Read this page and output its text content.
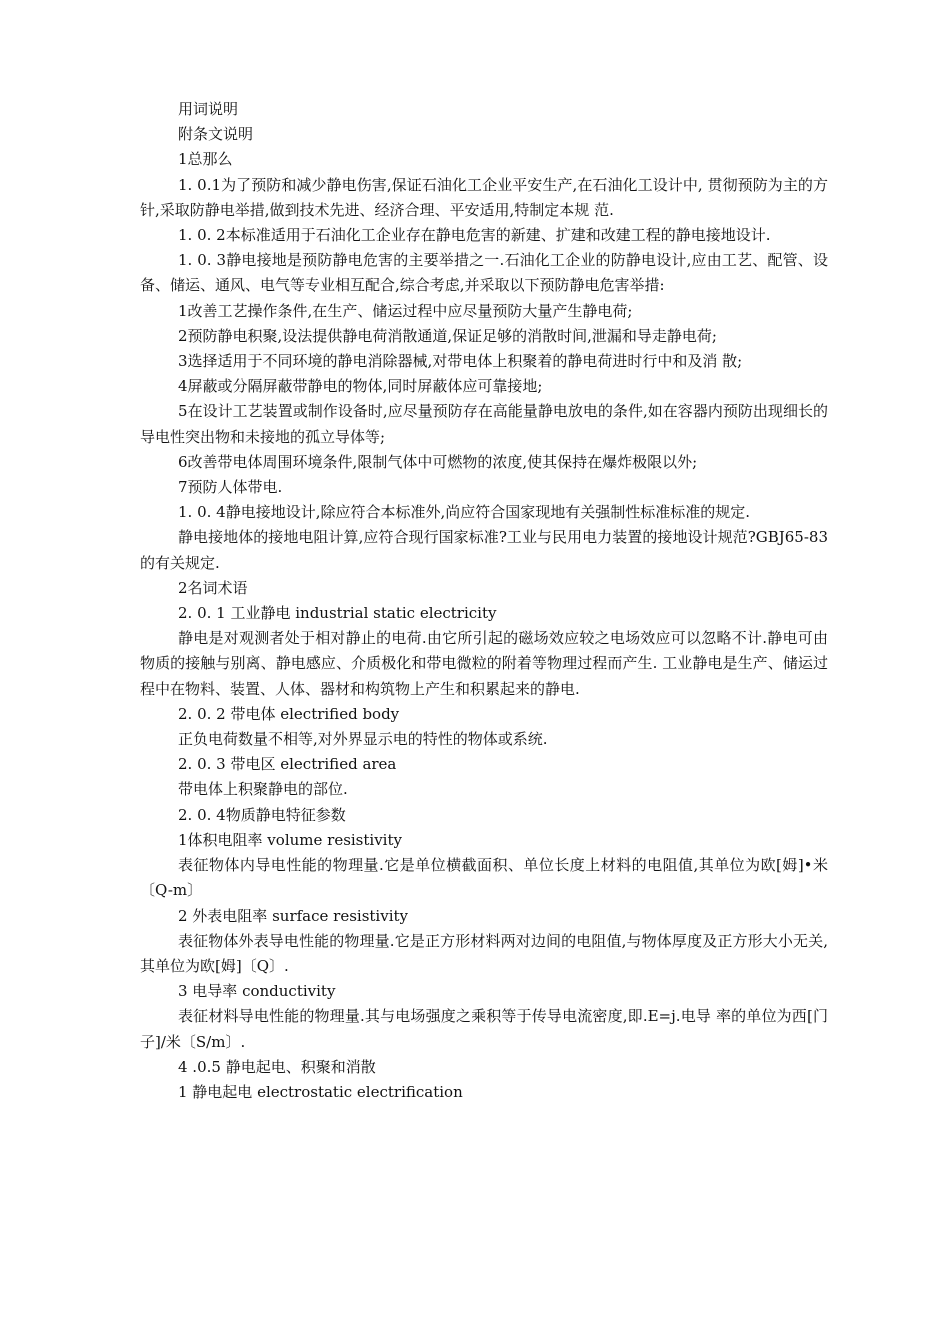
用词说明

附条文说明

1总那么

1. 0.1为了预防和减少静电伤害,保证石油化工企业平安生产,在石油化工设计中, 贯彻预防为主的方针,采取防静电举措,做到技术先进、经济合理、平安适用,特制定本规 范.

1. 0. 2本标准适用于石油化工企业存在静电危害的新建、扩建和改建工程的静电接地设计.

1. 0. 3静电接地是预防静电危害的主要举措之一.石油化工企业的防静电设计,应由工艺、配管、设备、储运、通风、电气等专业相互配合,综合考虑,并采取以下预防静电危害举措:

1改善工艺操作条件,在生产、储运过程中应尽量预防大量产生静电荷;

2预防静电积聚,设法提供静电荷消散通道,保证足够的消散时间,泄漏和导走静电荷;

3选择适用于不同环境的静电消除器械,对带电体上积聚着的静电荷进时行中和及消 散;

4屏蔽或分隔屏蔽带静电的物体,同时屏蔽体应可靠接地;

5在设计工艺装置或制作设备时,应尽量预防存在高能量静电放电的条件,如在容器内预防出现细长的导电性突出物和未接地的孤立导体等;

6改善带电体周围环境条件,限制气体中可燃物的浓度,使其保持在爆炸极限以外;

7预防人体带电.

1. 0. 4静电接地设计,除应符合本标准外,尚应符合国家现地有关强制性标准标准的规定.

静电接地体的接地电阻计算,应符合现行国家标准?工业与民用电力装置的接地设计规范?GBJ65-83的有关规定.

2名词术语

2. 0. 1 工业静电 industrial static electricity

静电是对观测者处于相对静止的电荷.由它所引起的磁场效应较之电场效应可以忽略不计.静电可由物质的接触与别离、静电感应、介质极化和带电微粒的附着等物理过程而产生. 工业静电是生产、储运过程中在物料、装置、人体、器材和构筑物上产生和积累起来的静电.

2. 0. 2 带电体 electrified body

正负电荷数量不相等,对外界显示电的特性的物体或系统.

2. 0. 3 带电区 electrified area

带电体上积聚静电的部位.

2. 0. 4物质静电特征参数

1体积电阻率 volume resistivity

表征物体内导电性能的物理量.它是单位横截面积、单位长度上材料的电阻值,其单位为欧[姆]•米〔Q-m〕

2 外表电阻率 surface resistivity

表征物体外表导电性能的物理量.它是正方形材料两对边间的电阻值,与物体厚度及正方形大小无关,其单位为欧[姆]〔Q〕.

3 电导率 conductivity

表征材料导电性能的物理量.其与电场强度之乘积等于传导电流密度,即.E=j.电导 率的单位为西[门子]/米〔S/m〕.

4 .0.5 静电起电、积聚和消散

1 静电起电 electrostatic electrification
